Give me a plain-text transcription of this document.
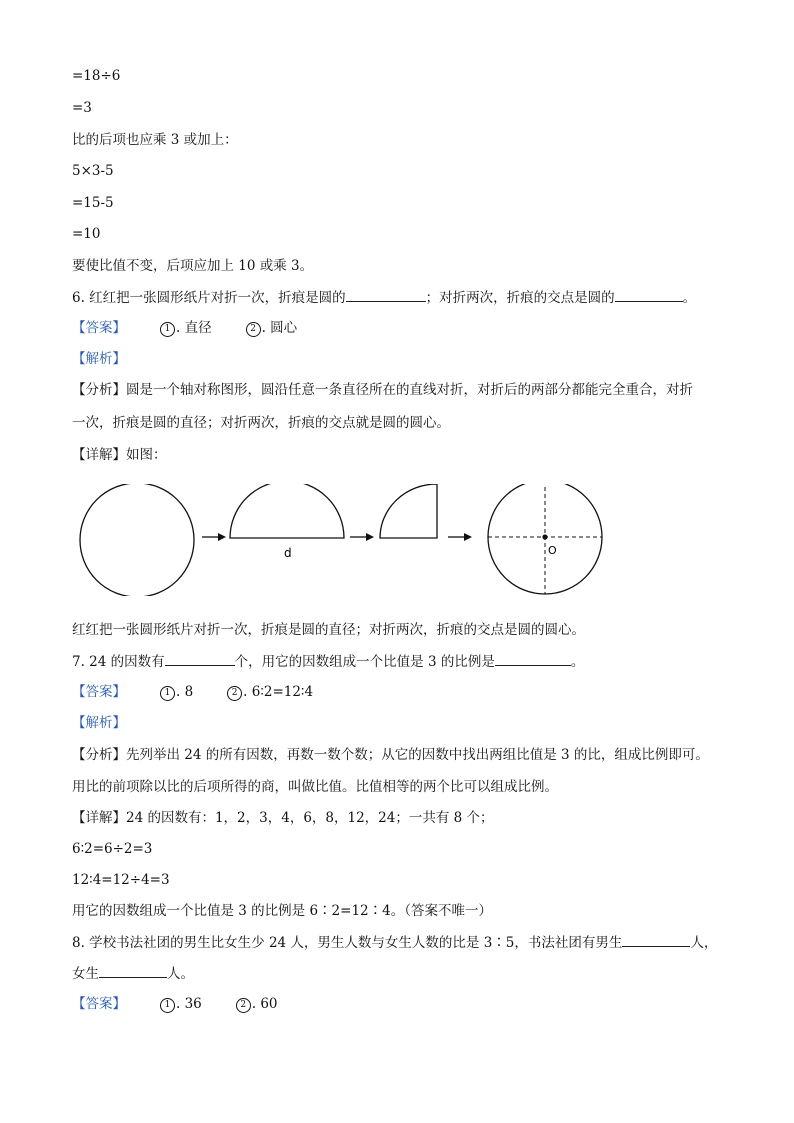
=18÷6
=3
比的后项也应乘 3 或加上：
5×3-5
=15-5
=10
要使比值不变，后项应加上 10 或乘 3。
6. 红红把一张圆形纸片对折一次，折痕是圆的	；对折两次，折痕的交点是圆的	。
【答案】	1 . 直径	2 . 圆心
【解析】
【分析】圆是一个轴对称图形，圆沿任意一条直径所在的直线对折，对折后的两部分都能完全重合，对折
一次，折痕是圆的直径；对折两次，折痕的交点就是圆的圆心。
【详解】如图：
d	O
红红把一张圆形纸片对折一次，折痕是圆的直径；对折两次，折痕的交点是圆的圆心。
7. 24 的因数有	个，用它的因数组成一个比值是 3 的比例是	。
【答案】	1 . 8	2 . 6∶2=12∶4
【解析】
【分析】先列举出 24 的所有因数，再数一数个数；从它的因数中找出两组比值是 3 的比，组成比例即可。
用比的前项除以比的后项所得的商，叫做比值。比值相等的两个比可以组成比例。
【详解】24 的因数有：1，2，3，4，6，8，12，24；一共有 8 个；
6∶2=6÷2=3
12∶4=12÷4=3
用它的因数组成一个比值是 3 的比例是 6∶2=12∶4。（答案不唯一）
8. 学校书法社团的男生比女生少 24 人，男生人数与女生人数的比是 3∶5，书法社团有男生	人，
女生	人。
【答案】	1 . 36	2 . 60
